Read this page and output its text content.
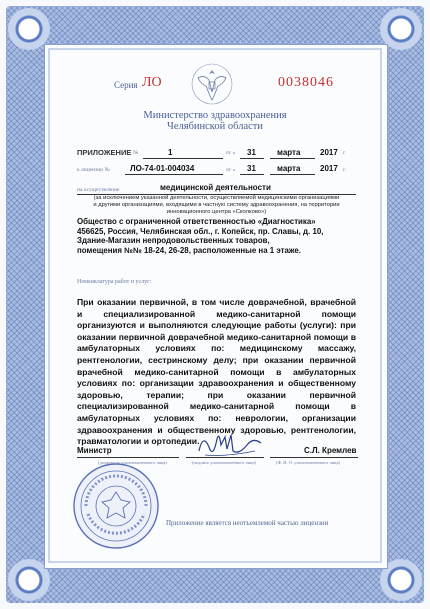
Серия ЛО	0038046
Министерство здравоохранения
Челябинской области
ПРИЛОЖЕНИЕ №	1	от « 31	марта 2017 г.
к лицензии №	ЛО-74-01-004034	от « 31	марта 2017 г.
на осуществление	медицинской деятельности
(за исключением указанной деятельности, осуществляемой медицинскими организациями
и другими организациями, входящими в частную систему здравоохранения, на территории
инновационного центра «Сколково»)
Общество с ограниченной ответственностью «Диагностика»
456625, Россия, Челябинская обл., г. Копейск, пр. Славы, д. 10,
Здание-Магазин непродовольственных товаров,
помещения №№ 18-24, 26-28, расположенные на 1 этаже.
Номенклатура работ и услуг:

При оказании первичной, в том числе доврачебной, врачебной и специализированной медико-санитарной помощи организуются и выполняются следующие работы (услуги): при оказании первичной доврачебной медико-санитарной помощи в амбулаторных условиях по: медицинскому массажу, рентгенологии, сестринскому делу; при оказании первичной врачебной медико-санитарной помощи в амбулаторных условиях по: организации здравоохранения и общественному здоровью, терапии; при оказании первичной специализированной медико-санитарной помощи в амбулаторных условиях по: неврологии, организации здравоохранения и общественному здоровью, рентгенологии, травматологии и ортопедии.

Министр	С.Л. Кремлев
(должность уполномоченного лица)	(подпись уполномоченного лица)	(Ф. И. О. уполномоченного лица)
Приложение является неотъемлемой частью лицензии
